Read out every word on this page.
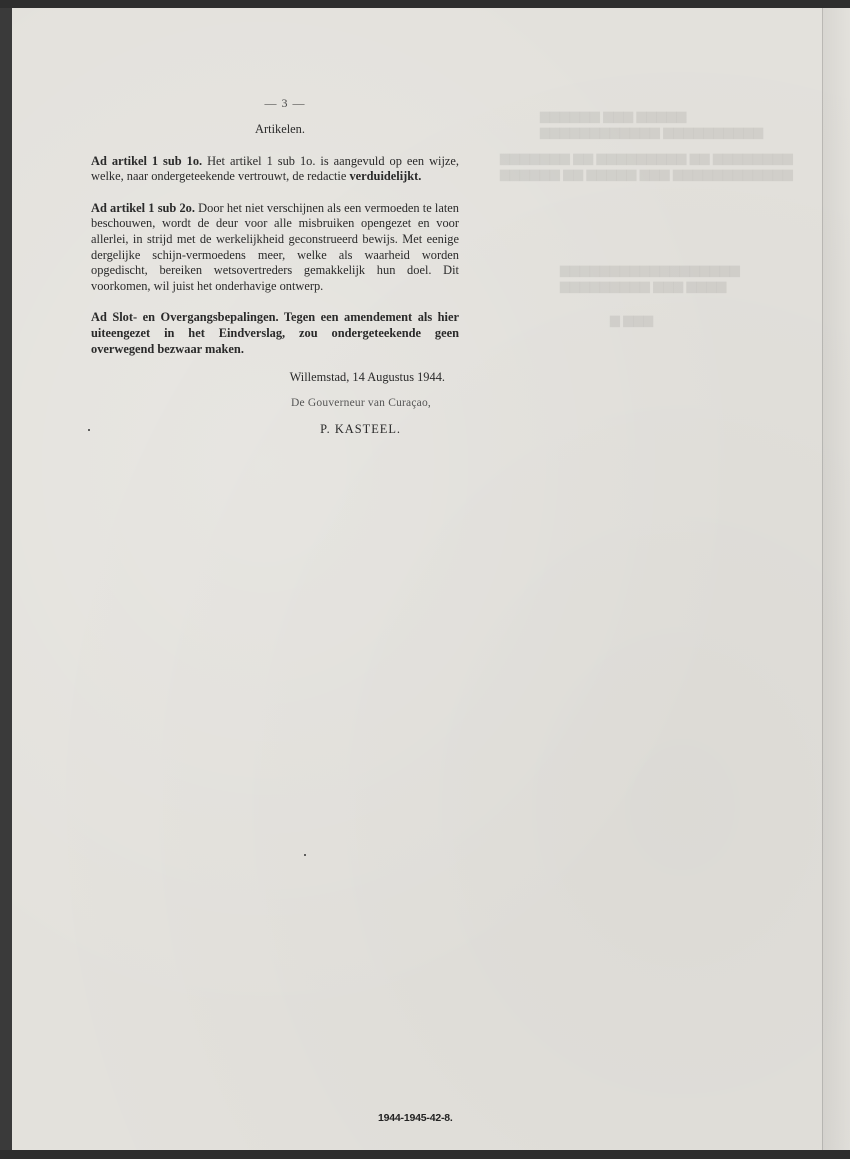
▆▆▆▆▆ ▆▆▆ ▆▆▆▆▆▆
▆▆▆▆▆▆▆▆▆▆ ▆▆▆▆▆▆▆▆▆▆▆▆
▆▆▆▆▆▆▆▆ ▆▆ ▆▆▆▆▆▆▆▆▆ ▆▆ ▆▆▆▆▆▆▆
▆▆▆▆▆▆▆▆▆▆▆▆ ▆▆▆ ▆▆▆▆▆ ▆▆ ▆▆▆▆▆▆
▆▆▆▆▆▆▆▆▆▆▆▆▆▆▆▆▆▆
▆▆▆▆ ▆▆▆ ▆▆▆▆▆▆▆▆▆
▆▆▆ ▆
— 3 —
Artikelen.

Ad artikel 1 sub 1o. Het artikel 1 sub 1o. is aangevuld op een wijze, welke, naar ondergeteekende vertrouwt, de redactie verduidelijkt.

Ad artikel 1 sub 2o. Door het niet verschijnen als een vermoeden te laten beschouwen, wordt de deur voor alle misbruiken opengezet en voor allerlei, in strijd met de werkelijkheid geconstrueerd bewijs. Met eenige dergelijke schijn-vermoedens meer, welke als waarheid worden opgedischt, bereiken wetsovertreders gemakkelijk hun doel. Dit voorkomen, wil juist het onderhavige ontwerp.

Ad Slot- en Overgangsbepalingen. Tegen een amendement als hier uiteengezet in het Eindverslag, zou ondergeteekende geen overwegend bezwaar maken.

Willemstad, 14 Augustus 1944.
De Gouverneur van Curaçao,
P. KASTEEL.
1944-1945-42-8.
